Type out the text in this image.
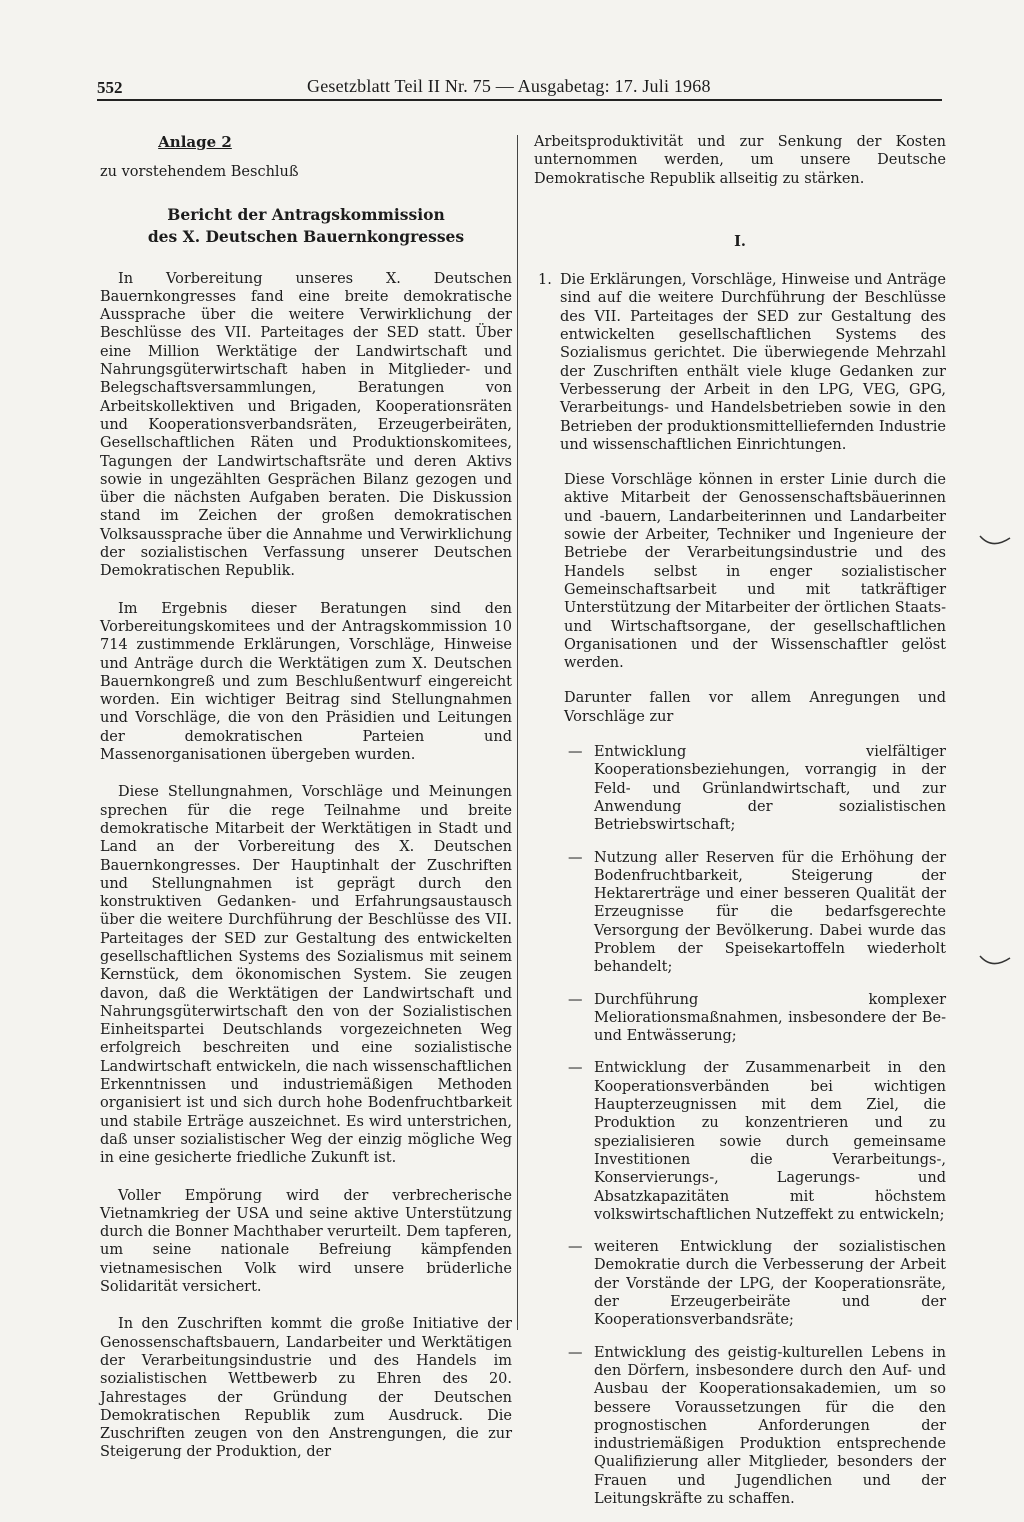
552	Gesetzblatt Teil II Nr. 75 — Ausgabetag: 17. Juli 1968
Anlage 2
zu vorstehendem Beschluß
Bericht der Antragskommission
des X. Deutschen Bauernkongresses

In Vorbereitung unseres X. Deutschen Bauernkongresses fand eine breite demokratische Aussprache über die weitere Verwirklichung der Beschlüsse des VII. Parteitages der SED statt. Über eine Million Werktätige der Landwirtschaft und Nahrungsgüterwirtschaft haben in Mitglieder- und Belegschaftsversammlungen, Beratungen von Arbeitskollektiven und Brigaden, Kooperationsräten und Kooperationsverbandsräten, Erzeugerbeiräten, Gesellschaftlichen Räten und Produktionskomitees, Tagungen der Landwirtschaftsräte und deren Aktivs sowie in ungezählten Gesprächen Bilanz gezogen und über die nächsten Aufgaben beraten. Die Diskussion stand im Zeichen der großen demokratischen Volksaussprache über die Annahme und Verwirklichung der sozialistischen Verfassung unserer Deutschen Demokratischen Republik.

Im Ergebnis dieser Beratungen sind den Vorbereitungskomitees und der Antragskommission 10 714 zustimmende Erklärungen, Vorschläge, Hinweise und Anträge durch die Werktätigen zum X. Deutschen Bauernkongreß und zum Beschlußentwurf eingereicht worden. Ein wichtiger Beitrag sind Stellungnahmen und Vorschläge, die von den Präsidien und Leitungen der demokratischen Parteien und Massenorganisationen übergeben wurden.

Diese Stellungnahmen, Vorschläge und Meinungen sprechen für die rege Teilnahme und breite demokratische Mitarbeit der Werktätigen in Stadt und Land an der Vorbereitung des X. Deutschen Bauernkongresses. Der Hauptinhalt der Zuschriften und Stellungnahmen ist geprägt durch den konstruktiven Gedanken- und Erfahrungsaustausch über die weitere Durchführung der Beschlüsse des VII. Parteitages der SED zur Gestaltung des entwickelten gesellschaftlichen Systems des Sozialismus mit seinem Kernstück, dem ökonomischen System. Sie zeugen davon, daß die Werktätigen der Landwirtschaft und Nahrungsgüterwirtschaft den von der Sozialistischen Einheitspartei Deutschlands vorgezeichneten Weg erfolgreich beschreiten und eine sozialistische Landwirtschaft entwickeln, die nach wissenschaftlichen Erkenntnissen und industriemäßigen Methoden organisiert ist und sich durch hohe Bodenfruchtbarkeit und stabile Erträge auszeichnet. Es wird unterstrichen, daß unser sozialistischer Weg der einzig mögliche Weg in eine gesicherte friedliche Zukunft ist.

Voller Empörung wird der verbrecherische Vietnamkrieg der USA und seine aktive Unterstützung durch die Bonner Machthaber verurteilt. Dem tapferen, um seine nationale Befreiung kämpfenden vietnamesischen Volk wird unsere brüderliche Solidarität versichert.

In den Zuschriften kommt die große Initiative der Genossenschaftsbauern, Landarbeiter und Werktätigen der Verarbeitungsindustrie und des Handels im sozialistischen Wettbewerb zu Ehren des 20. Jahrestages der Gründung der Deutschen Demokratischen Republik zum Ausdruck. Die Zuschriften zeugen von den Anstrengungen, die zur Steigerung der Produktion, der

Arbeitsproduktivität und zur Senkung der Kosten unternommen werden, um unsere Deutsche Demokratische Republik allseitig zu stärken.

I.
1. Die Erklärungen, Vorschläge, Hinweise und Anträge sind auf die weitere Durchführung der Beschlüsse des VII. Parteitages der SED zur Gestaltung des entwickelten gesellschaftlichen Systems des Sozialismus gerichtet. Die überwiegende Mehrzahl der Zuschriften enthält viele kluge Gedanken zur Verbesserung der Arbeit in den LPG, VEG, GPG, Verarbeitungs- und Handelsbetrieben sowie in den Betrieben der produktionsmittelliefernden Industrie und wissenschaftlichen Einrichtungen.

Diese Vorschläge können in erster Linie durch die aktive Mitarbeit der Genossenschaftsbäuerinnen und -bauern, Landarbeiterinnen und Landarbeiter sowie der Arbeiter, Techniker und Ingenieure der Betriebe der Verarbeitungsindustrie und des Handels selbst in enger sozialistischer Gemeinschaftsarbeit und mit tatkräftiger Unterstützung der Mitarbeiter der örtlichen Staats- und Wirtschaftsorgane, der gesellschaftlichen Organisationen und der Wissenschaftler gelöst werden.

Darunter fallen vor allem Anregungen und Vorschläge zur

— Entwicklung vielfältiger Kooperationsbeziehungen, vorrangig in der Feld- und Grünlandwirtschaft, und zur Anwendung der sozialistischen Betriebswirtschaft;
— Nutzung aller Reserven für die Erhöhung der Bodenfruchtbarkeit, Steigerung der Hektarerträge und einer besseren Qualität der Erzeugnisse für die bedarfsgerechte Versorgung der Bevölkerung. Dabei wurde das Problem der Speisekartoffeln wiederholt behandelt;
— Durchführung komplexer Meliorationsmaßnahmen, insbesondere der Be- und Entwässerung;
— Entwicklung der Zusammenarbeit in den Kooperationsverbänden bei wichtigen Haupterzeugnissen mit dem Ziel, die Produktion zu konzentrieren und zu spezialisieren sowie durch gemeinsame Investitionen die Verarbeitungs-, Konservierungs-, Lagerungs- und Absatzkapazitäten mit höchstem volkswirtschaftlichen Nutzeffekt zu entwickeln;
— weiteren Entwicklung der sozialistischen Demokratie durch die Verbesserung der Arbeit der Vorstände der LPG, der Kooperationsräte, der Erzeugerbeiräte und der Kooperationsverbandsräte;
— Entwicklung des geistig-kulturellen Lebens in den Dörfern, insbesondere durch den Auf- und Ausbau der Kooperationsakademien, um so bessere Voraussetzungen für die den prognostischen Anforderungen der industriemäßigen Produktion entsprechende Qualifizierung aller Mitglieder, besonders der Frauen und Jugendlichen und der Leitungskräfte zu schaffen.
